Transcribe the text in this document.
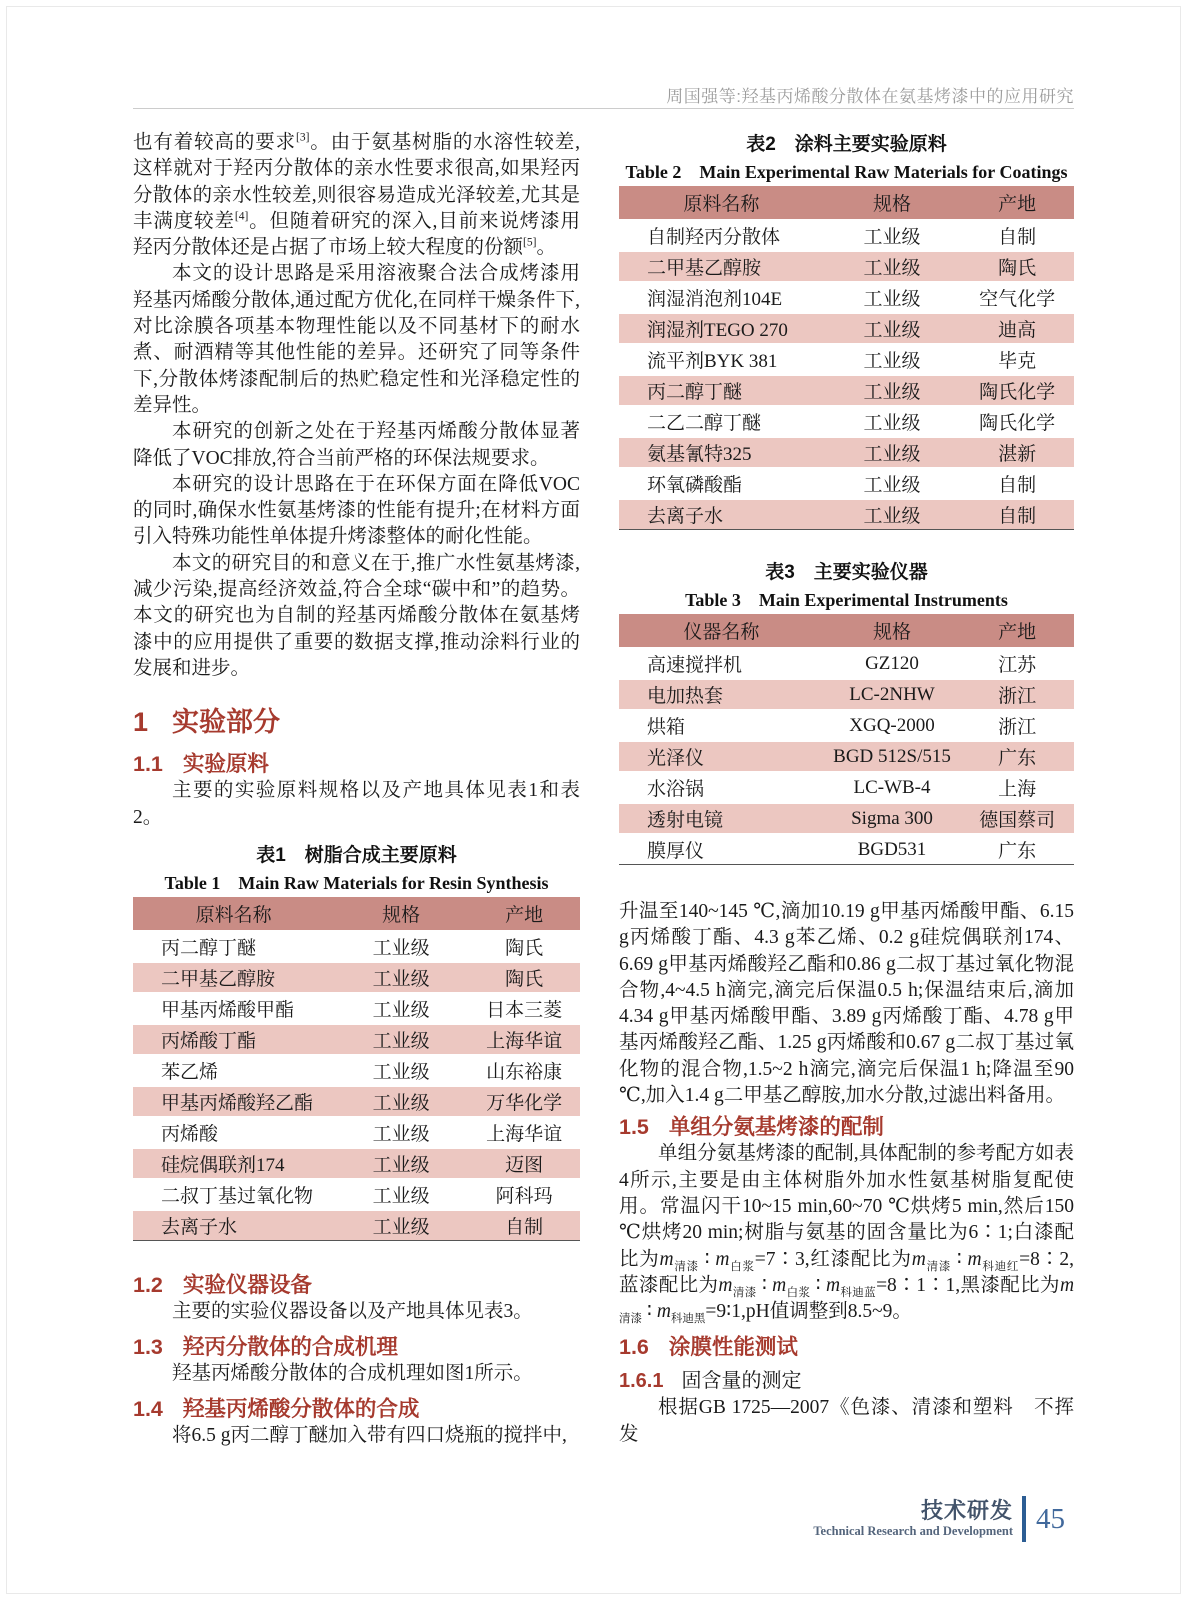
周国强等:羟基丙烯酸分散体在氨基烤漆中的应用研究

也有着较高的要求[3]。由于氨基树脂的水溶性较差,这样就对于羟丙分散体的亲水性要求很高,如果羟丙分散体的亲水性较差,则很容易造成光泽较差,尤其是丰满度较差[4]。但随着研究的深入,目前来说烤漆用羟丙分散体还是占据了市场上较大程度的份额[5]。

本文的设计思路是采用溶液聚合法合成烤漆用羟基丙烯酸分散体,通过配方优化,在同样干燥条件下,对比涂膜各项基本物理性能以及不同基材下的耐水煮、耐酒精等其他性能的差异。还研究了同等条件下,分散体烤漆配制后的热贮稳定性和光泽稳定性的差异性。

本研究的创新之处在于羟基丙烯酸分散体显著降低了VOC排放,符合当前严格的环保法规要求。

本研究的设计思路在于在环保方面在降低VOC的同时,确保水性氨基烤漆的性能有提升;在材料方面引入特殊功能性单体提升烤漆整体的耐化性能。

本文的研究目的和意义在于,推广水性氨基烤漆,减少污染,提高经济效益,符合全球“碳中和”的趋势。本文的研究也为自制的羟基丙烯酸分散体在氨基烤漆中的应用提供了重要的数据支撑,推动涂料行业的发展和进步。

1 实验部分
1.1 实验原料

主要的实验原料规格以及产地具体见表1和表2。

表1　树脂合成主要原料
Table 1　Main Raw Materials for Resin Synthesis
原料名称	规格	产地
丙二醇丁醚	工业级	陶氏
二甲基乙醇胺	工业级	陶氏
甲基丙烯酸甲酯	工业级	日本三菱
丙烯酸丁酯	工业级	上海华谊
苯乙烯	工业级	山东裕康
甲基丙烯酸羟乙酯	工业级	万华化学
丙烯酸	工业级	上海华谊
硅烷偶联剂174	工业级	迈图
二叔丁基过氧化物	工业级	阿科玛
去离子水	工业级	自制
1.2 实验仪器设备

主要的实验仪器设备以及产地具体见表3。

1.3 羟丙分散体的合成机理

羟基丙烯酸分散体的合成机理如图1所示。

1.4 羟基丙烯酸分散体的合成

将6.5 g丙二醇丁醚加入带有四口烧瓶的搅拌中,

表2　涂料主要实验原料
Table 2　Main Experimental Raw Materials for Coatings
原料名称	规格	产地
自制羟丙分散体	工业级	自制
二甲基乙醇胺	工业级	陶氏
润湿消泡剂104E	工业级	空气化学
润湿剂TEGO 270	工业级	迪高
流平剂BYK 381	工业级	毕克
丙二醇丁醚	工业级	陶氏化学
二乙二醇丁醚	工业级	陶氏化学
氨基氰特325	工业级	湛新
环氧磷酸酯	工业级	自制
去离子水	工业级	自制
表3　主要实验仪器
Table 3　Main Experimental Instruments
仪器名称	规格	产地
高速搅拌机	GZ120	江苏
电加热套	LC-2NHW	浙江
烘箱	XGQ-2000	浙江
光泽仪	BGD 512S/515	广东
水浴锅	LC-WB-4	上海
透射电镜	Sigma 300	德国蔡司
膜厚仪	BGD531	广东

升温至140~145 ℃,滴加10.19 g甲基丙烯酸甲酯、6.15 g丙烯酸丁酯、4.3 g苯乙烯、0.2 g硅烷偶联剂174、6.69 g甲基丙烯酸羟乙酯和0.86 g二叔丁基过氧化物混合物,4~4.5 h滴完,滴完后保温0.5 h;保温结束后,滴加4.34 g甲基丙烯酸甲酯、3.89 g丙烯酸丁酯、4.78 g甲基丙烯酸羟乙酯、1.25 g丙烯酸和0.67 g二叔丁基过氧化物的混合物,1.5~2 h滴完,滴完后保温1 h;降温至90 ℃,加入1.4 g二甲基乙醇胺,加水分散,过滤出料备用。

1.5 单组分氨基烤漆的配制

单组分氨基烤漆的配制,具体配制的参考配方如表4所示,主要是由主体树脂外加水性氨基树脂复配使用。常温闪干10~15 min,60~70 ℃烘烤5 min,然后150 ℃烘烤20 min;树脂与氨基的固含量比为6∶1;白漆配比为$m_{清漆}$ ∶ $m_{白浆}=7∶3$,红漆配比为$m_{清漆}$ ∶ $m_{科迪红}=8∶2$,蓝漆配比为$m_{清漆}$ ∶ $m_{白浆}$ ∶ $m_{科迪蓝}=8∶1∶1$,黑漆配比为$m_{清漆}$ ∶ $m_{科迪黑}=9∶1,pH$值调整到8.5~9。

1.6 涂膜性能测试
1.6.1 固含量的测定

根据GB 1725—2007《色漆、清漆和塑料　不挥发

技术研发
Technical Research and Development 45
